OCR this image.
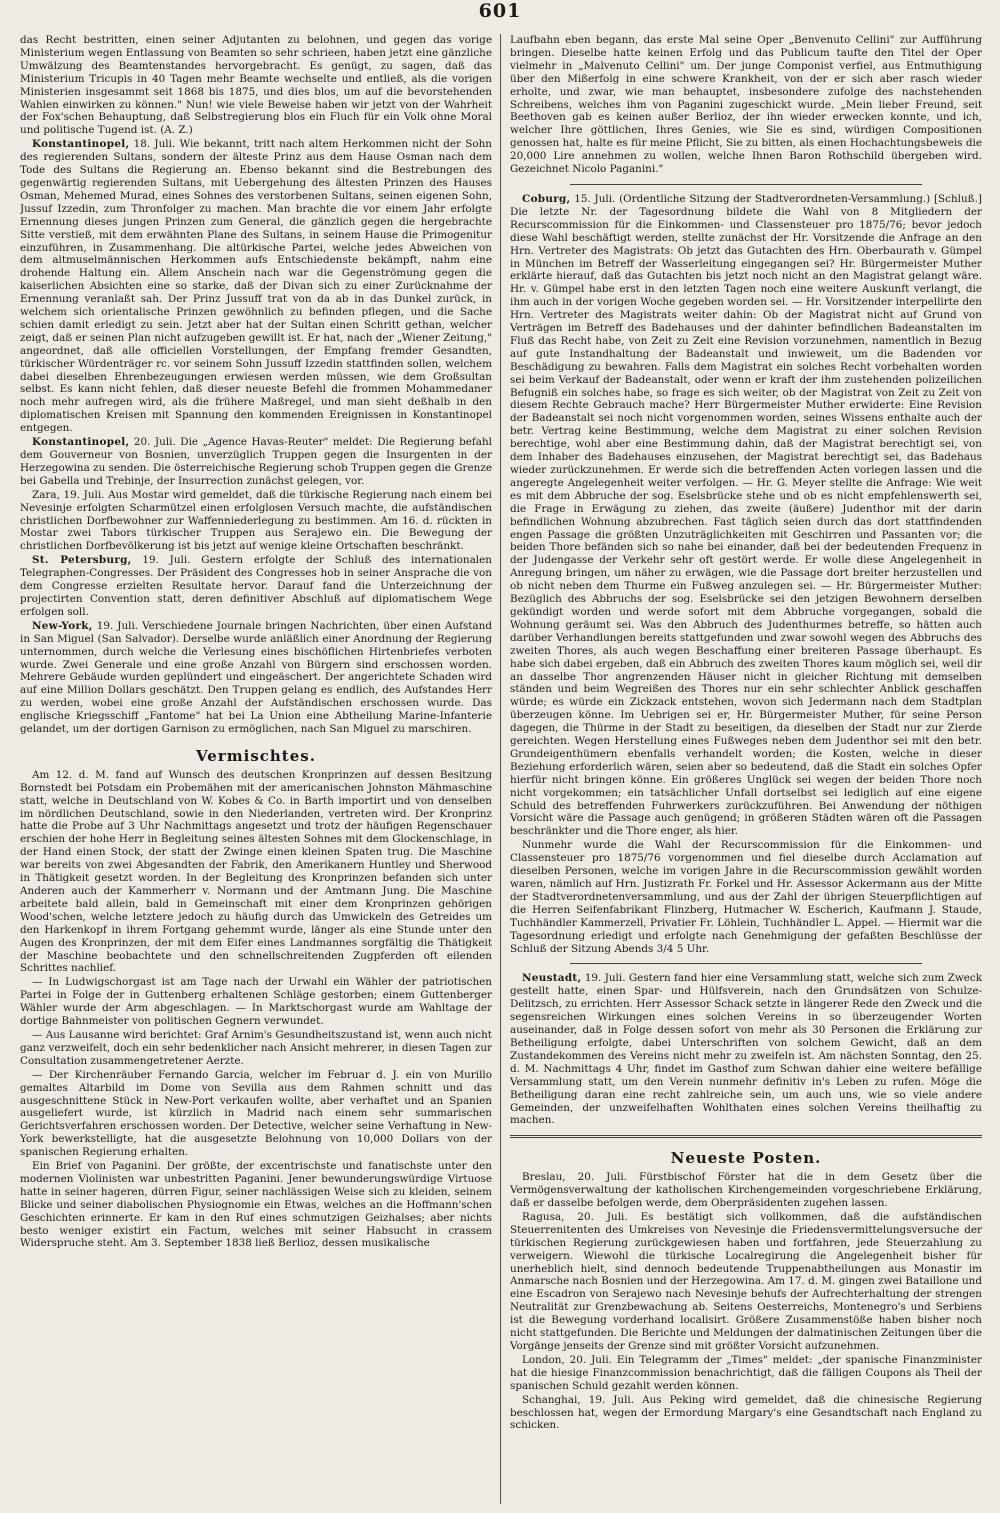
601

das Recht bestritten, einen seiner Adjutanten zu belohnen, und gegen das vorige Ministerium wegen Entlassung von Beamten so sehr schrieen, haben jetzt eine gänzliche Umwälzung des Beamtenstandes hervorgebracht. Es genügt, zu sagen, daß das Ministerium Tricupis in 40 Tagen mehr Beamte wechselte und entließ, als die vorigen Ministerien insgesammt seit 1868 bis 1875, und dies blos, um auf die bevorstehenden Wahlen einwirken zu können." Nun! wie viele Beweise haben wir jetzt von der Wahrheit der Fox'schen Behauptung, daß Selbstregierung blos ein Fluch für ein Volk ohne Moral und politische Tugend ist. (A. Z.)

Konstantinopel, 18. Juli. Wie bekannt, tritt nach altem Herkommen nicht der Sohn des regierenden Sultans, sondern der älteste Prinz aus dem Hause Osman nach dem Tode des Sultans die Regierung an. Ebenso bekannt sind die Bestrebungen des gegenwärtig regierenden Sultans, mit Uebergehung des ältesten Prinzen des Hauses Osman, Mehemed Murad, eines Sohnes des verstorbenen Sultans, seinen eigenen Sohn, Jussuf Izzedin, zum Thronfolger zu machen. Man brachte die vor einem Jahr erfolgte Ernennung dieses jungen Prinzen zum General, die gänzlich gegen die hergebrachte Sitte verstieß, mit dem erwähnten Plane des Sultans, in seinem Hause die Primogenitur einzuführen, in Zusammenhang. Die altürkische Partei, welche jedes Abweichen von dem altmuselmännischen Herkommen aufs Entschiedenste bekämpft, nahm eine drohende Haltung ein. Allem Anschein nach war die Gegenströmung gegen die kaiserlichen Absichten eine so starke, daß der Divan sich zu einer Zurücknahme der Ernennung veranlaßt sah. Der Prinz Jussuff trat von da ab in das Dunkel zurück, in welchem sich orientalische Prinzen gewöhnlich zu befinden pflegen, und die Sache schien damit erledigt zu sein. Jetzt aber hat der Sultan einen Schritt gethan, welcher zeigt, daß er seinen Plan nicht aufzugeben gewillt ist. Er hat, nach der „Wiener Zeitung," angeordnet, daß alle officiellen Vorstellungen, der Empfang fremder Gesandten, türkischer Würdenträger rc. vor seinem Sohn Jussuff Izzedin stattfinden sollen, welchem dabei dieselben Ehrenbezeugungen erwiesen werden müssen, wie dem Großsultan selbst. Es kann nicht fehlen, daß dieser neueste Befehl die frommen Mohammedaner noch mehr aufregen wird, als die frühere Maßregel, und man sieht deßhalb in den diplomatischen Kreisen mit Spannung den kommenden Ereignissen in Konstantinopel entgegen.

Konstantinopel, 20. Juli. Die „Agence Havas-Reuter" meldet: Die Regierung befahl dem Gouverneur von Bosnien, unverzüglich Truppen gegen die Insurgenten in der Herzegowina zu senden. Die österreichische Regierung schob Truppen gegen die Grenze bei Gabella und Trebinje, der Insurrection zunächst gelegen, vor.

Zara, 19. Juli. Aus Mostar wird gemeldet, daß die türkische Regierung nach einem bei Nevesinje erfolgten Scharmützel einen erfolglosen Versuch machte, die aufständischen christlichen Dorfbewohner zur Waffenniederlegung zu bestimmen. Am 16. d. rückten in Mostar zwei Tabors türkischer Truppen aus Serajewo ein. Die Bewegung der christlichen Dorfbevölkerung ist bis jetzt auf wenige kleine Ortschaften beschränkt.

St. Petersburg, 19. Juli. Gestern erfolgte der Schluß des internationalen Telegraphen-Congresses. Der Präsident des Congresses hob in seiner Ansprache die von dem Congresse erzielten Resultate hervor. Darauf fand die Unterzeichnung der projectirten Convention statt, deren definitiver Abschluß auf diplomatischem Wege erfolgen soll.

New-York, 19. Juli. Verschiedene Journale bringen Nachrichten, über einen Aufstand in San Miguel (San Salvador). Derselbe wurde anläßlich einer Anordnung der Regierung unternommen, durch welche die Verlesung eines bischöflichen Hirtenbriefes verboten wurde. Zwei Generale und eine große Anzahl von Bürgern sind erschossen worden. Mehrere Gebäude wurden geplündert und eingeäschert. Der angerichtete Schaden wird auf eine Million Dollars geschätzt. Den Truppen gelang es endlich, des Aufstandes Herr zu werden, wobei eine große Anzahl der Aufständischen erschossen wurde. Das englische Kriegsschiff „Fantome" hat bei La Union eine Abtheilung Marine-Infanterie gelandet, um der dortigen Garnison zu ermöglichen, nach San Miguel zu marschiren.

Vermischtes.

Am 12. d. M. fand auf Wunsch des deutschen Kronprinzen auf dessen Besitzung Bornstedt bei Potsdam ein Probemähen mit der americanischen Johnston Mähmaschine statt, welche in Deutschland von W. Kobes & Co. in Barth importirt und von denselben im nördlichen Deutschland, sowie in den Niederlanden, vertreten wird. Der Kronprinz hatte die Probe auf 3 Uhr Nachmittags angesetzt und trotz der häufigen Regenschauer erschien der hohe Herr in Begleitung seines ältesten Sohnes mit dem Glockenschlage, in der Hand einen Stock, der statt der Zwinge einen kleinen Spaten trug. Die Maschine war bereits von zwei Abgesandten der Fabrik, den Amerikanern Huntley und Sherwood in Thätigkeit gesetzt worden. In der Begleitung des Kronprinzen befanden sich unter Anderen auch der Kammerherr v. Normann und der Amtmann Jung. Die Maschine arbeitete bald allein, bald in Gemeinschaft mit einer dem Kronprinzen gehörigen Wood'schen, welche letztere jedoch zu häufig durch das Umwickeln des Getreides um den Harkenkopf in ihrem Fortgang gehemmt wurde, länger als eine Stunde unter den Augen des Kronprinzen, der mit dem Eifer eines Landmannes sorgfältig die Thätigkeit der Maschine beobachtete und den schnellschreitenden Zugpferden oft eilenden Schrittes nachlief.

— In Ludwigschorgast ist am Tage nach der Urwahl ein Wähler der patriotischen Partei in Folge der in Guttenberg erhaltenen Schläge gestorben; einem Guttenberger Wähler wurde der Arm abgeschlagen. — In Marktschorgast wurde am Wahltage der dortige Bahnmeister von politischen Gegnern verwundet.

— Aus Lausanne wird berichtet: Graf Arnim's Gesundheitszustand ist, wenn auch nicht ganz verzweifelt, doch ein sehr bedenklicher nach Ansicht mehrerer, in diesen Tagen zur Consultation zusammengetretener Aerzte.

— Der Kirchenräuber Fernando Garcia, welcher im Februar d. J. ein von Murillo gemaltes Altarbild im Dome von Sevilla aus dem Rahmen schnitt und das ausgeschnittene Stück in New-Port verkaufen wollte, aber verhaftet und an Spanien ausgeliefert wurde, ist kürzlich in Madrid nach einem sehr summarischen Gerichtsverfahren erschossen worden. Der Detective, welcher seine Verhaftung in New-York bewerkstelligte, hat die ausgesetzte Belohnung von 10,000 Dollars von der spanischen Regierung erhalten.

Ein Brief von Paganini. Der größte, der excentrischste und fanatischste unter den modernen Violinisten war unbestritten Paganini. Jener bewunderungswürdige Virtuose hatte in seiner hageren, dürren Figur, seiner nachlässigen Weise sich zu kleiden, seinem Blicke und seiner diabolischen Physiognomie ein Etwas, welches an die Hoffmann'schen Geschichten erinnerte. Er kam in den Ruf eines schmutzigen Geizhalses; aber nichts besto weniger existirt ein Factum, welches mit seiner Habsucht in crassem Widerspruche steht. Am 3. September 1838 ließ Berlioz, dessen musikalische

Laufbahn eben begann, das erste Mal seine Oper „Benvenuto Cellini" zur Aufführung bringen. Dieselbe hatte keinen Erfolg und das Publicum taufte den Titel der Oper vielmehr in „Malvenuto Cellini" um. Der junge Componist verfiel, aus Entmuthigung über den Mißerfolg in eine schwere Krankheit, von der er sich aber rasch wieder erholte, und zwar, wie man behauptet, insbesondere zufolge des nachstehenden Schreibens, welches ihm von Paganini zugeschickt wurde. „Mein lieber Freund, seit Beethoven gab es keinen außer Berlioz, der ihn wieder erwecken konnte, und ich, welcher Ihre göttlichen, Ihres Genies, wie Sie es sind, würdigen Compositionen genossen hat, halte es für meine Pflicht, Sie zu bitten, als einen Hochachtungsbeweis die 20,000 Lire annehmen zu wollen, welche Ihnen Baron Rothschild übergeben wird. Gezeichnet Nicolo Paganini."

Coburg, 15. Juli. (Ordentliche Sitzung der Stadtverordneten-Versammlung.) [Schluß.] Die letzte Nr. der Tagesordnung bildete die Wahl von 8 Mitgliedern der Recurscommission für die Einkommen- und Classensteuer pro 1875/76; bevor jedoch diese Wahl beschäftigt werden, stellte zunächst der Hr. Vorsitzende die Anfrage an den Hrn. Vertreter des Magistrats: Ob jetzt das Gutachten des Hrn. Oberbaurath v. Gümpel in München im Betreff der Wasserleitung eingegangen sei? Hr. Bürgermeister Muther erklärte hierauf, daß das Gutachten bis jetzt noch nicht an den Magistrat gelangt wäre. Hr. v. Gümpel habe erst in den letzten Tagen noch eine weitere Auskunft verlangt, die ihm auch in der vorigen Woche gegeben worden sei. — Hr. Vorsitzender interpellirte den Hrn. Vertreter des Magistrats weiter dahin: Ob der Magistrat nicht auf Grund von Verträgen im Betreff des Badehauses und der dahinter befindlichen Badeanstalten im Fluß das Recht habe, von Zeit zu Zeit eine Revision vorzunehmen, namentlich in Bezug auf gute Instandhaltung der Badeanstalt und inwieweit, um die Badenden vor Beschädigung zu bewahren. Falls dem Magistrat ein solches Recht vorbehalten worden sei beim Verkauf der Badeanstalt, oder wenn er kraft der ihm zustehenden polizeilichen Befugniß ein solches habe, so frage es sich weiter, ob der Magistrat von Zeit zu Zeit von diesem Rechte Gebrauch mache? Herr Bürgermeister Muther erwiderte: Eine Revision der Badeanstalt sei noch nicht vorgenommen worden, seines Wissens enthalte auch der betr. Vertrag keine Bestimmung, welche dem Magistrat zu einer solchen Revision berechtige, wohl aber eine Bestimmung dahin, daß der Magistrat berechtigt sei, von dem Inhaber des Badehauses einzusehen, der Magistrat berechtigt sei, das Badehaus wieder zurückzunehmen. Er werde sich die betreffenden Acten vorlegen lassen und die angeregte Angelegenheit weiter verfolgen. — Hr. G. Meyer stellte die Anfrage: Wie weit es mit dem Abbruche der sog. Eselsbrücke stehe und ob es nicht empfehlenswerth sei, die Frage in Erwägung zu ziehen, das zweite (äußere) Judenthor mit der darin befindlichen Wohnung abzubrechen. Fast täglich seien durch das dort stattfindenden engen Passage die größten Unzuträglichkeiten mit Geschirren und Passanten vor; die beiden Thore befänden sich so nahe bei einander, daß bei der bedeutenden Frequenz in der Judengasse der Verkehr sehr oft gestört werde. Er wolle diese Angelegenheit in Anregung bringen, um näher zu erwägen, wie die Passage dort breiter herzustellen und ob nicht neben dem Thurme ein Fußweg anzulegen sei. — Hr. Bürgermeister Muther: Bezüglich des Abbruchs der sog. Eselsbrücke sei den jetzigen Bewohnern derselben gekündigt worden und werde sofort mit dem Abbruche vorgegangen, sobald die Wohnung geräumt sei. Was den Abbruch des Judenthurmes betreffe, so hätten auch darüber Verhandlungen bereits stattgefunden und zwar sowohl wegen des Abbruchs des zweiten Thores, als auch wegen Beschaffung einer breiteren Passage überhaupt. Es habe sich dabei ergeben, daß ein Abbruch des zweiten Thores kaum möglich sei, weil dir an dasselbe Thor angrenzenden Häuser nicht in gleicher Richtung mit demselben ständen und beim Wegreißen des Thores nur ein sehr schlechter Anblick geschaffen würde; es würde ein Zickzack entstehen, wovon sich Jedermann nach dem Stadtplan überzeugen könne. Im Uebrigen sei er, Hr. Bürgermeister Muther, für seine Person dagegen, die Thürme in der Stadt zu beseitigen, da dieselben der Stadt nur zur Zierde gereichten. Wegen Herstellung eines Fußweges neben dem Judenthor sei mit den betr. Grundeigenthümern ebenfalls verhandelt worden; die Kosten, welche in dieser Beziehung erforderlich wären, seien aber so bedeutend, daß die Stadt ein solches Opfer hierfür nicht bringen könne. Ein größeres Unglück sei wegen der beiden Thore noch nicht vorgekommen; ein tatsächlicher Unfall dortselbst sei lediglich auf eine eigene Schuld des betreffenden Fuhrwerkers zurückzuführen. Bei Anwendung der nöthigen Vorsicht wäre die Passage auch genügend; in größeren Städten wären oft die Passagen beschränkter und die Thore enger, als hier.

Nunmehr wurde die Wahl der Recurscommission für die Einkommen- und Classensteuer pro 1875/76 vorgenommen und fiel dieselbe durch Acclamation auf dieselben Personen, welche im vorigen Jahre in die Recurscommission gewählt worden waren, nämlich auf Hrn. Justizrath Fr. Forkel und Hr. Assessor Ackermann aus der Mitte der Stadtverordnetenversammlung, und aus der Zahl der übrigen Steuerpflichtigen auf die Herren Seifenfabrikant Flinzberg, Hutmacher W. Escherich, Kaufmann J. Staude, Tuchhändler Kammerzell, Privatier Fr. Löhlein, Tuchhändler L. Appel. — Hiermit war die Tagesordnung erledigt und erfolgte nach Genehmigung der gefaßten Beschlüsse der Schluß der Sitzung Abends 3/4 5 Uhr.

Neustadt, 19. Juli. Gestern fand hier eine Versammlung statt, welche sich zum Zweck gestellt hatte, einen Spar- und Hülfsverein, nach den Grundsätzen von Schulze-Delitzsch, zu errichten. Herr Assessor Schack setzte in längerer Rede den Zweck und die segensreichen Wirkungen eines solchen Vereins in so überzeugender Worten auseinander, daß in Folge dessen sofort von mehr als 30 Personen die Erklärung zur Betheiligung erfolgte, dabei Unterschriften von solchem Gewicht, daß an dem Zustandekommen des Vereins nicht mehr zu zweifeln ist. Am nächsten Sonntag, den 25. d. M. Nachmittags 4 Uhr, findet im Gasthof zum Schwan dahier eine weitere befällige Versammlung statt, um den Verein nunmehr definitiv in's Leben zu rufen. Möge die Betheiligung daran eine recht zahlreiche sein, um auch uns, wie so viele andere Gemeinden, der unzweifelhaften Wohlthaten eines solchen Vereins theilhaftig zu machen.

Neueste Posten.

Breslau, 20. Juli. Fürstbischof Förster hat die in dem Gesetz über die Vermögensverwaltung der katholischen Kirchengemeinden vorgeschriebene Erklärung, daß er dasselbe befolgen werde, dem Oberpräsidenten zugehen lassen.

Ragusa, 20. Juli. Es bestätigt sich vollkommen, daß die aufständischen Steuerrenitenten des Umkreises von Nevesinje die Friedensvermittelungsversuche der türkischen Regierung zurückgewiesen haben und fortfahren, jede Steuerzahlung zu verweigern. Wiewohl die türkische Localregirung die Angelegenheit bisher für unerheblich hielt, sind dennoch bedeutende Truppenabtheilungen aus Monastir im Anmarsche nach Bosnien und der Herzegowina. Am 17. d. M. gingen zwei Bataillone und eine Escadron von Serajewo nach Nevesinje behufs der Aufrechterhaltung der strengen Neutralität zur Grenzbewachung ab. Seitens Oesterreichs, Montenegro's und Serbiens ist die Bewegung vorderhand localisirt. Größere Zusammenstöße haben bisher noch nicht stattgefunden. Die Berichte und Meldungen der dalmatinischen Zeitungen über die Vorgänge jenseits der Grenze sind mit größter Vorsicht aufzunehmen.

London, 20. Juli. Ein Telegramm der „Times" meldet: „der spanische Finanzminister hat die hiesige Finanzcommission benachrichtigt, daß die fälligen Coupons als Theil der spanischen Schuld gezahlt werden können.

Schanghai, 19. Juli. Aus Peking wird gemeldet, daß die chinesische Regierung beschlossen hat, wegen der Ermordung Margary's eine Gesandtschaft nach England zu schicken.
